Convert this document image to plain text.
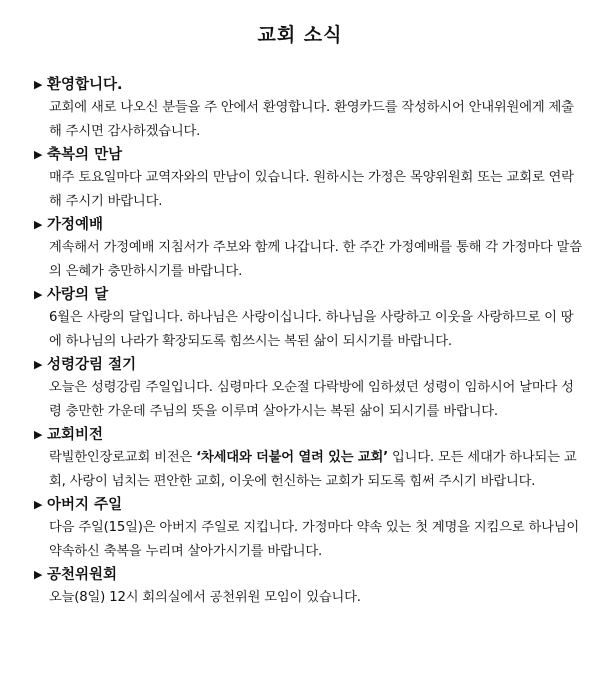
교회 소식
▶ 환영합니다.
교회에 새로 나오신 분들을 주 안에서 환영합니다. 환영카드를 작성하시어 안내위원에게 제출해 주시면 감사하겠습니다.
▶ 축복의 만남
매주 토요일마다 교역자와의 만남이 있습니다. 원하시는 가정은 목양위원회 또는 교회로 연락해 주시기 바랍니다.
▶ 가정예배
계속해서 가정예배 지침서가 주보와 함께 나갑니다. 한 주간 가정예배를 통해 각 가정마다 말씀의 은혜가 충만하시기를 바랍니다.
▶ 사랑의 달
6월은 사랑의 달입니다. 하나님은 사랑이십니다. 하나님을 사랑하고 이웃을 사랑하므로 이 땅에 하나님의 나라가 확장되도록 힘쓰시는 복된 삶이 되시기를 바랍니다.
▶ 성령강림 절기
오늘은 성령강림 주일입니다. 심령마다 오순절 다락방에 임하셨던 성령이 임하시어 날마다 성령 충만한 가운데 주님의 뜻을 이루며 살아가시는 복된 삶이 되시기를 바랍니다.
▶ 교회비전
락빌한인장로교회 비전은 ‘차세대와 더불어 열려 있는 교회’ 입니다. 모든 세대가 하나되는 교회, 사랑이 넘치는 편안한 교회, 이웃에 헌신하는 교회가 되도록 힘써 주시기 바랍니다.
▶ 아버지 주일
다음 주일(15일)은 아버지 주일로 지킵니다. 가정마다 약속 있는 첫 계명을 지킴으로 하나님이 약속하신 축복을 누리며 살아가시기를 바랍니다.
▶ 공천위원회
오늘(8일) 12시 회의실에서 공천위원 모임이 있습니다.
